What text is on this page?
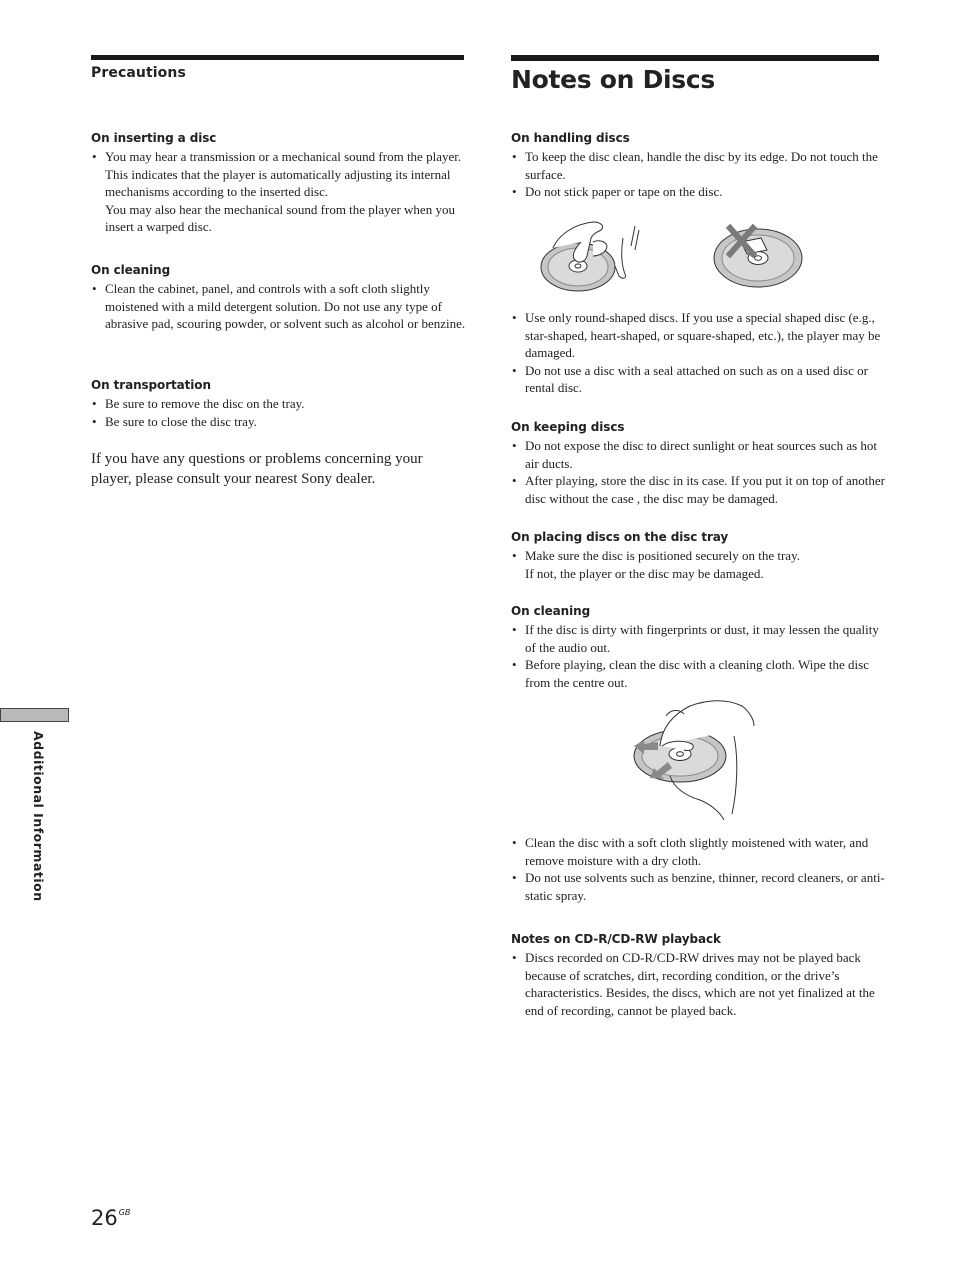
Precautions
On inserting a disc
• You may hear a transmission or a mechanical sound from the player. This indicates that the player is automatically adjusting its internal mechanisms according to the inserted disc.
You may also hear the mechanical sound from the player when you insert a warped disc.
On cleaning
• Clean the cabinet, panel, and controls with a soft cloth slightly moistened with a mild detergent solution. Do not use any type of abrasive pad, scouring powder, or solvent such as alcohol or benzine.
On transportation
• Be sure to remove the disc on the tray.
• Be sure to close the disc tray.
If you have any questions or problems concerning your player, please consult your nearest Sony dealer.
Notes on Discs
On handling discs
• To keep the disc clean, handle the disc by its edge. Do not touch the surface.
• Do not stick paper or tape on the disc.
• Use only round-shaped discs. If you use a special shaped disc (e.g., star-shaped, heart-shaped, or square-shaped, etc.), the player may be damaged.
• Do not use a disc with a seal attached on such as on a used disc or rental disc.
On keeping discs
• Do not expose the disc to direct sunlight or heat sources such as hot air ducts.
• After playing, store the disc in its case. If you put it on top of another disc without the case , the disc may be damaged.
On placing discs on the disc tray
• Make sure the disc is positioned securely on the tray.
If not, the player or the disc may be damaged.
On cleaning
• If the disc is dirty with fingerprints or dust, it may lessen the quality of the audio out.
• Before playing, clean the disc with a cleaning cloth. Wipe the disc from the centre out.
• Clean the disc with a soft cloth slightly moistened with water, and remove moisture with a dry cloth.
• Do not use solvents such as benzine, thinner, record cleaners, or anti-static spray.
Notes on CD-R/CD-RW playback
• Discs recorded on CD-R/CD-RW drives may not be played back because of scratches, dirt, recording condition, or the drive’s characteristics. Besides, the discs, which are not yet finalized at the end of recording, cannot be played back.
Additional Information
$26^{GB}$
